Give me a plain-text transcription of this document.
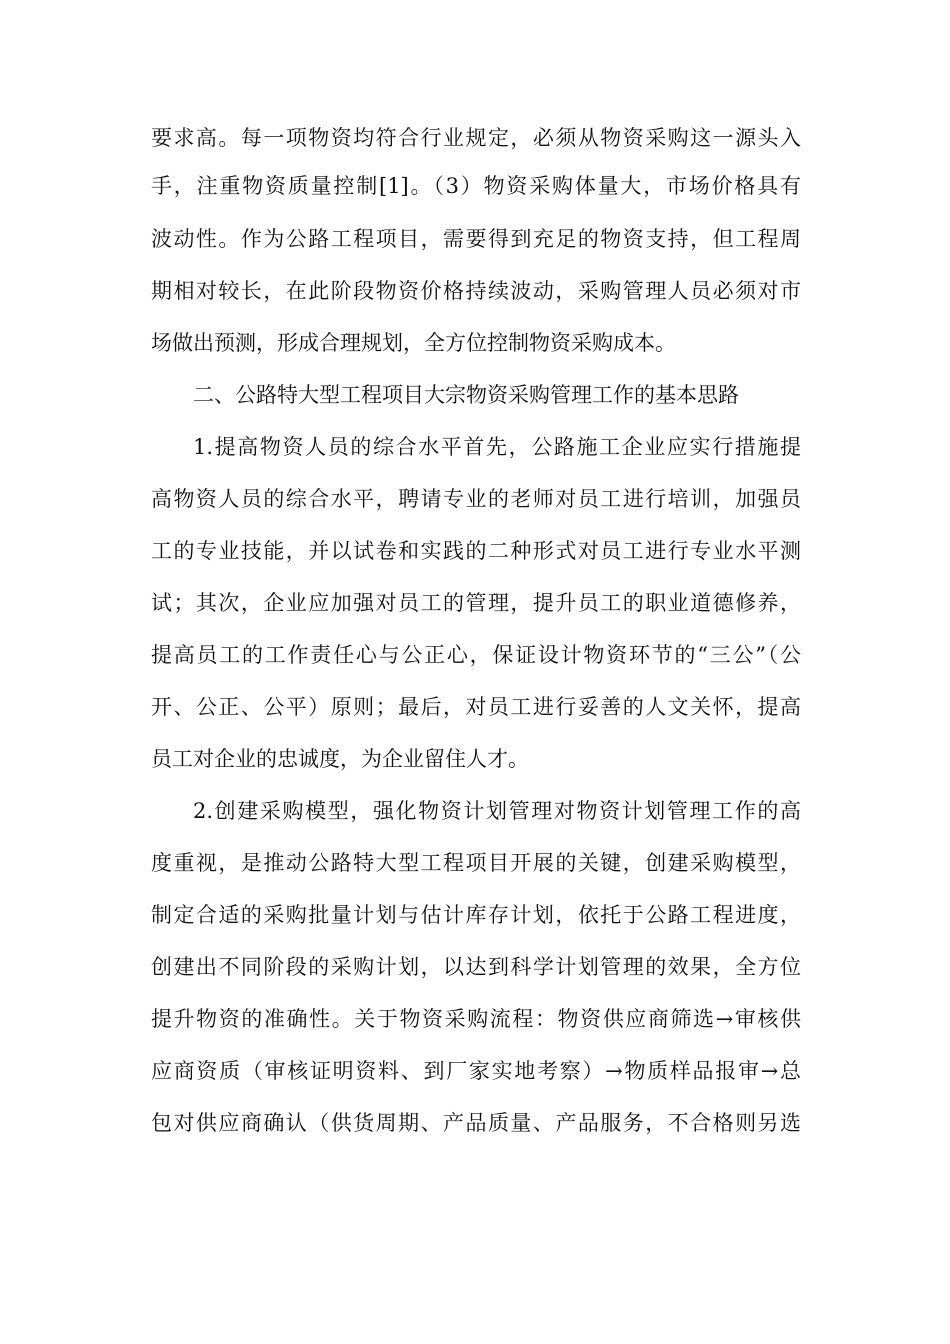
要求高。每一项物资均符合行业规定，必须从物资采购这一源头入
手，注重物资质量控制[1]。（3）物资采购体量大，市场价格具有
波动性。作为公路工程项目，需要得到充足的物资支持，但工程周
期相对较长，在此阶段物资价格持续波动，采购管理人员必须对市
场做出预测，形成合理规划，全方位控制物资采购成本。
二、公路特大型工程项目大宗物资采购管理工作的基本思路
1.提高物资人员的综合水平首先，公路施工企业应实行措施提
高物资人员的综合水平，聘请专业的老师对员工进行培训，加强员
工的专业技能，并以试卷和实践的二种形式对员工进行专业水平测
试；其次，企业应加强对员工的管理，提升员工的职业道德修养，
提高员工的工作责任心与公正心，保证设计物资环节的“三公”（公
开、公正、公平）原则；最后，对员工进行妥善的人文关怀，提高
员工对企业的忠诚度，为企业留住人才。
2.创建采购模型，强化物资计划管理对物资计划管理工作的高
度重视，是推动公路特大型工程项目开展的关键，创建采购模型，
制定合适的采购批量计划与估计库存计划，依托于公路工程进度，
创建出不同阶段的采购计划，以达到科学计划管理的效果，全方位
提升物资的准确性。关于物资采购流程：物资供应商筛选→审核供
应商资质（审核证明资料、到厂家实地考察）→物质样品报审→总
包对供应商确认（供货周期、产品质量、产品服务，不合格则另选
